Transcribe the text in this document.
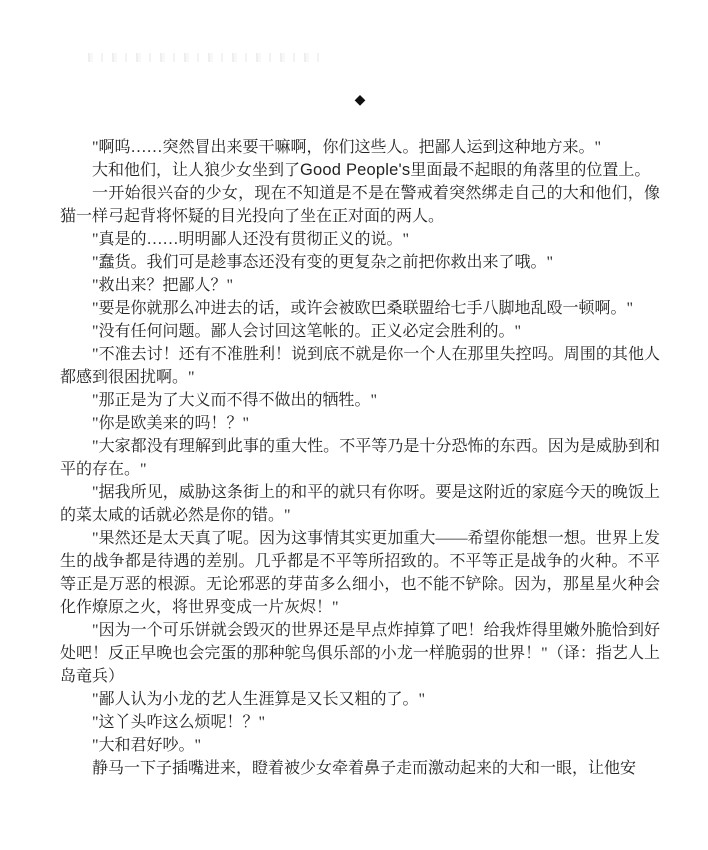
◆

"啊呜……突然冒出来要干嘛啊，你们这些人。把鄙人运到这种地方来。"

大和他们，让人狼少女坐到了Good People's里面最不起眼的角落里的位置上。

一开始很兴奋的少女，现在不知道是不是在警戒着突然绑走自己的大和他们，像猫一样弓起背将怀疑的目光投向了坐在正对面的两人。

"真是的……明明鄙人还没有贯彻正义的说。"

"蠢货。我们可是趁事态还没有变的更复杂之前把你救出来了哦。"

"救出来？把鄙人？"

"要是你就那么冲进去的话，或许会被欧巴桑联盟给七手八脚地乱殴一顿啊。"

"没有任何问题。鄙人会讨回这笔帐的。正义必定会胜利的。"

"不准去讨！还有不准胜利！说到底不就是你一个人在那里失控吗。周围的其他人都感到很困扰啊。"

"那正是为了大义而不得不做出的牺牲。"

"你是欧美来的吗！？"

"大家都没有理解到此事的重大性。不平等乃是十分恐怖的东西。因为是威胁到和平的存在。"

"据我所见，威胁这条街上的和平的就只有你呀。要是这附近的家庭今天的晚饭上的菜太咸的话就必然是你的错。"

"果然还是太天真了呢。因为这事情其实更加重大——希望你能想一想。世界上发生的战争都是待遇的差别。几乎都是不平等所招致的。不平等正是战争的火种。不平等正是万恶的根源。无论邪恶的芽苗多么细小，也不能不铲除。因为，那星星火种会化作燎原之火，将世界变成一片灰烬！"

"因为一个可乐饼就会毁灭的世界还是早点炸掉算了吧！给我炸得里嫩外脆恰到好处吧！反正早晚也会完蛋的那种鸵鸟俱乐部的小龙一样脆弱的世界！"（译：指艺人上岛竜兵）

"鄙人认为小龙的艺人生涯算是又长又粗的了。"

"这丫头咋这么烦呢！？"

"大和君好吵。"

静马一下子插嘴进来，瞪着被少女牵着鼻子走而激动起来的大和一眼，让他安
